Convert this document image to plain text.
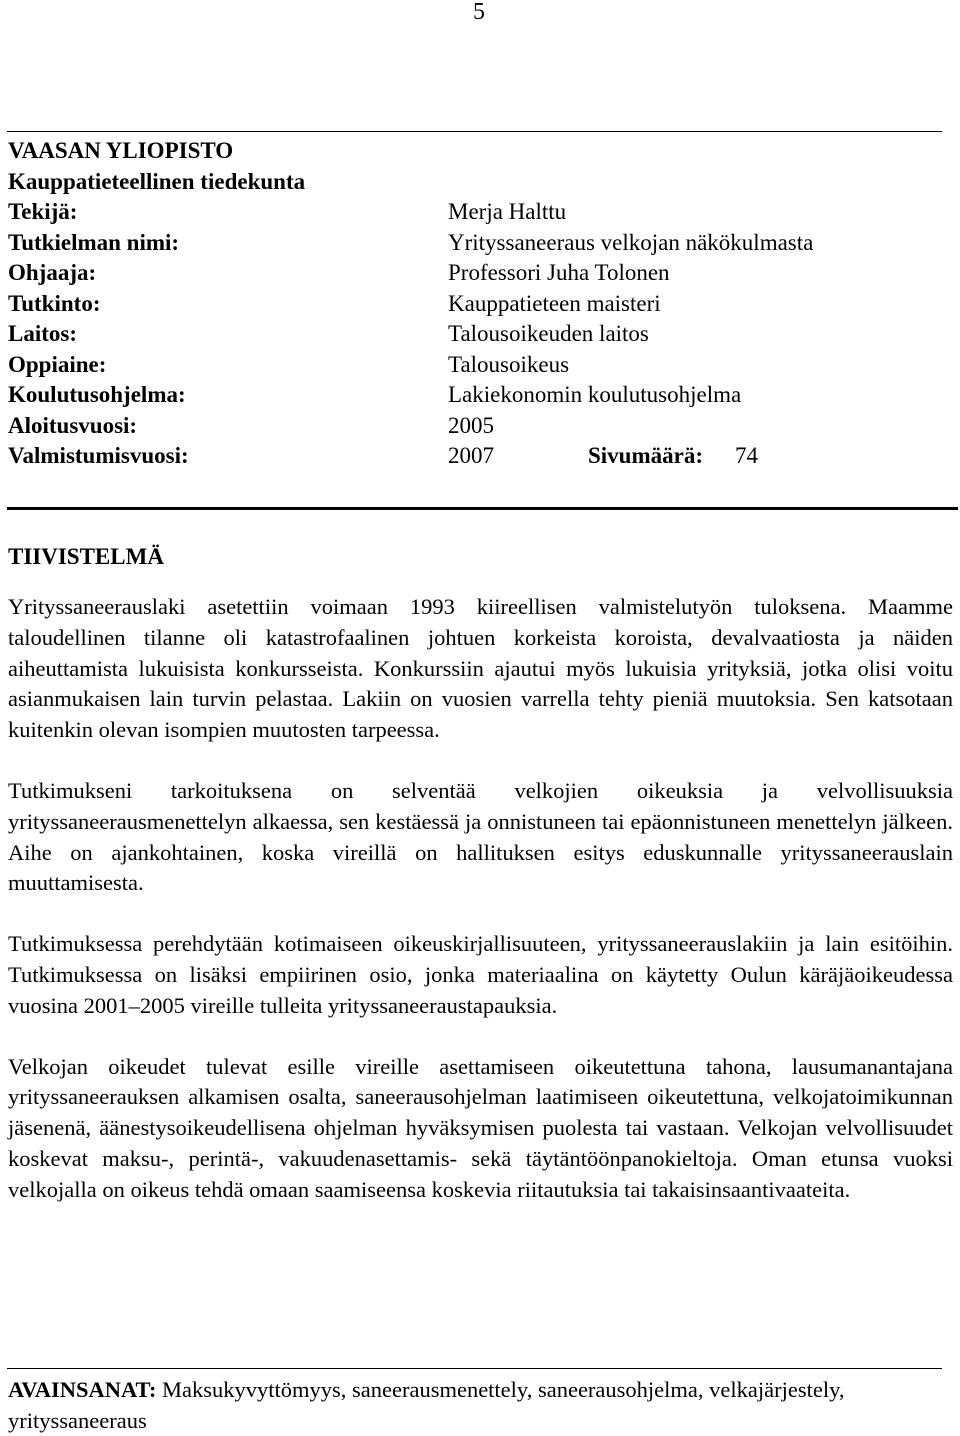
5
VAASAN YLIOPISTO
Kauppatieteellinen tiedekunta
Tekijä:	Merja Halttu
Tutkielman nimi:	Yrityssaneeraus velkojan näkökulmasta
Ohjaaja:	Professori Juha Tolonen
Tutkinto:	Kauppatieteen maisteri
Laitos:	Talousoikeuden laitos
Oppiaine:	Talousoikeus
Koulutusohjelma:	Lakiekonomin koulutusohjelma
Aloitusvuosi:	2005
Valmistumisvuosi:	2007	Sivumäärä: 74
TIIVISTELMÄ

Yrityssaneerauslaki asetettiin voimaan 1993 kiireellisen valmistelutyön tuloksena. Maamme taloudellinen tilanne oli katastrofaalinen johtuen korkeista koroista, devalvaatiosta ja näiden aiheuttamista lukuisista konkursseista. Konkurssiin ajautui myös lukuisia yrityksiä, jotka olisi voitu asianmukaisen lain turvin pelastaa. Lakiin on vuosien varrella tehty pieniä muutoksia. Sen katsotaan kuitenkin olevan isompien muutosten tarpeessa.

Tutkimukseni tarkoituksena on selventää velkojien oikeuksia ja velvollisuuksia yrityssaneerausmenettelyn alkaessa, sen kestäessä ja onnistuneen tai epäonnistuneen menettelyn jälkeen. Aihe on ajankohtainen, koska vireillä on hallituksen esitys eduskunnalle yrityssaneerauslain muuttamisesta.

Tutkimuksessa perehdytään kotimaiseen oikeuskirjallisuuteen, yrityssaneerauslakiin ja lain esitöihin. Tutkimuksessa on lisäksi empiirinen osio, jonka materiaalina on käytetty Oulun käräjäoikeudessa vuosina 2001–2005 vireille tulleita yrityssaneeraustapauksia.

Velkojan oikeudet tulevat esille vireille asettamiseen oikeutettuna tahona, lausumanantajana yrityssaneerauksen alkamisen osalta, saneerausohjelman laatimiseen oikeutettuna, velkojatoimikunnan jäsenenä, äänestysoikeudellisena ohjelman hyväksymisen puolesta tai vastaan. Velkojan velvollisuudet koskevat maksu-, perintä-, vakuudenasettamis- sekä täytäntöönpanokieltoja. Oman etunsa vuoksi velkojalla on oikeus tehdä omaan saamiseensa koskevia riitautuksia tai takaisinsaantivaateita.

AVAINSANAT: Maksukyvyttömyys, saneerausmenettely, saneerausohjelma, velkajärjestely, yrityssaneeraus
